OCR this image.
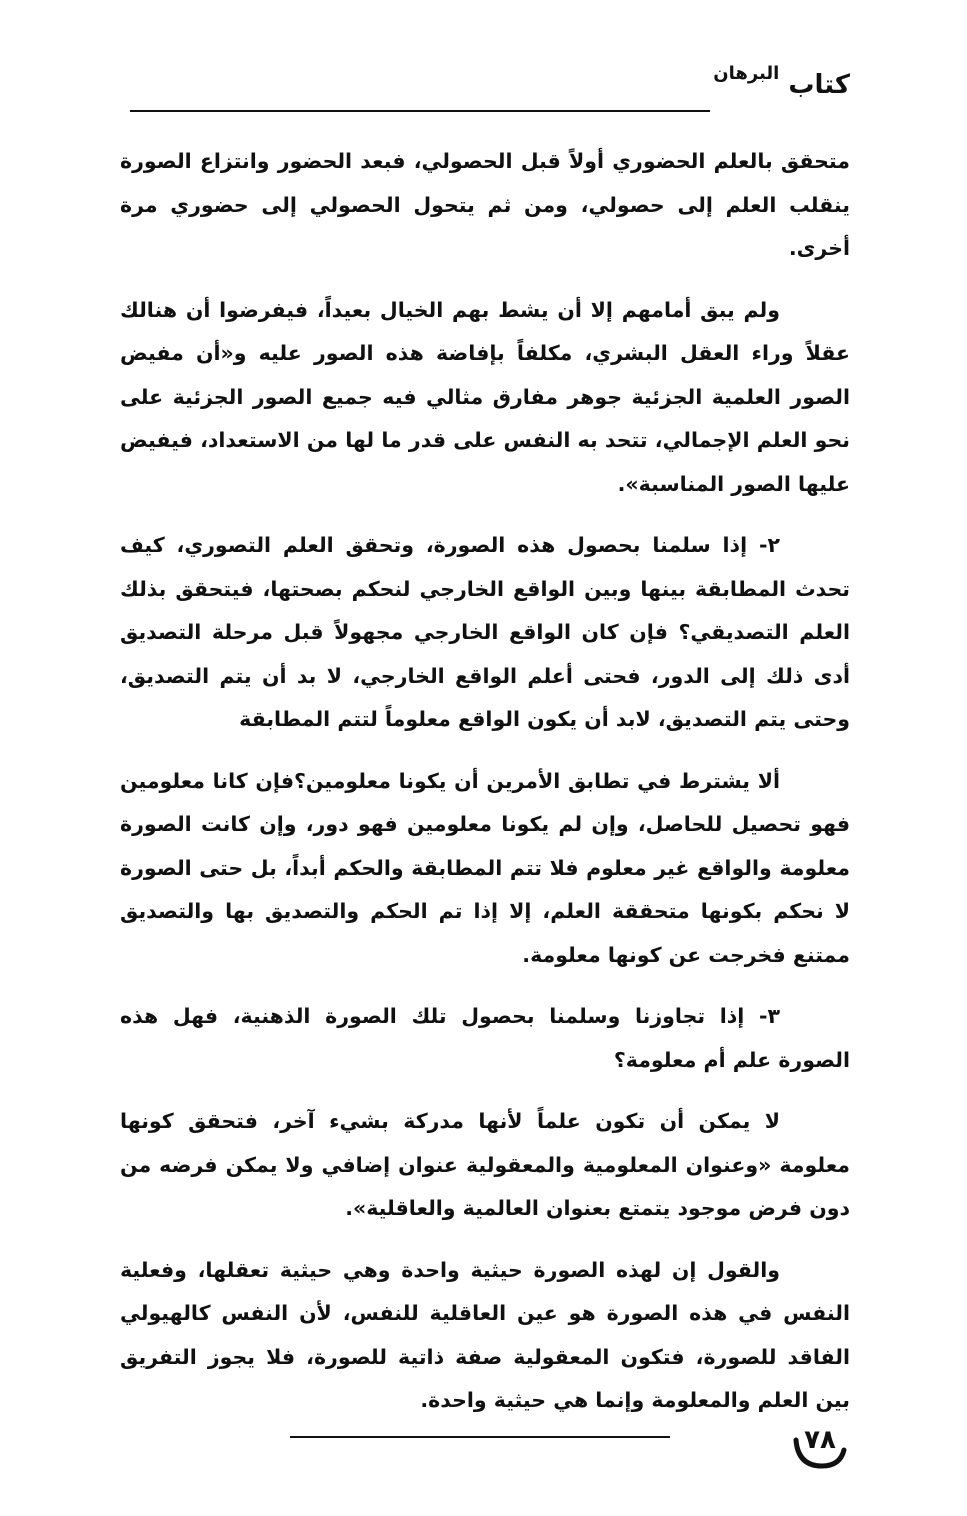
كتاب $^{البرهان}$

متحقق بالعلم الحضوري أولاً قبل الحصولي، فبعد الحضور وانتزاع الصورة ينقلب العلم إلى حصولي، ومن ثم يتحول الحصولي إلى حضوري مرة أخرى.

ولم يبق أمامهم إلا أن يشط بهم الخيال بعيداً، فيفرضوا أن هنالك عقلاً وراء العقل البشري، مكلفاً بإفاضة هذه الصور عليه و«أن مفيض الصور العلمية الجزئية جوهر مفارق مثالي فيه جميع الصور الجزئية على نحو العلم الإجمالي، تتحد به النفس على قدر ما لها من الاستعداد، فيفيض عليها الصور المناسبة».

٢- إذا سلمنا بحصول هذه الصورة، وتحقق العلم التصوري، كيف تحدث المطابقة بينها وبين الواقع الخارجي لنحكم بصحتها، فيتحقق بذلك العلم التصديقي؟ فإن كان الواقع الخارجي مجهولاً قبل مرحلة التصديق أدى ذلك إلى الدور، فحتى أعلم الواقع الخارجي، لا بد أن يتم التصديق، وحتى يتم التصديق، لابد أن يكون الواقع معلوماً لتتم المطابقة

ألا يشترط في تطابق الأمرين أن يكونا معلومين؟فإن كانا معلومين فهو تحصيل للحاصل، وإن لم يكونا معلومين فهو دور، وإن كانت الصورة معلومة والواقع غير معلوم فلا تتم المطابقة والحكم أبداً، بل حتى الصورة لا نحكم بكونها متحققة العلم، إلا إذا تم الحكم والتصديق بها والتصديق ممتنع فخرجت عن كونها معلومة.

٣- إذا تجاوزنا وسلمنا بحصول تلك الصورة الذهنية، فهل هذه الصورة علم أم معلومة؟

لا يمكن أن تكون علماً لأنها مدركة بشيء آخر، فتحقق كونها معلومة «وعنوان المعلومية والمعقولية عنوان إضافي ولا يمكن فرضه من دون فرض موجود يتمتع بعنوان العالمية والعاقلية».

والقول إن لهذه الصورة حيثية واحدة وهي حيثية تعقلها، وفعلية النفس في هذه الصورة هو عين العاقلية للنفس، لأن النفس كالهيولي الفاقد للصورة، فتكون المعقولية صفة ذاتية للصورة، فلا يجوز التفريق بين العلم والمعلومة وإنما هي حيثية واحدة.

٧٨
